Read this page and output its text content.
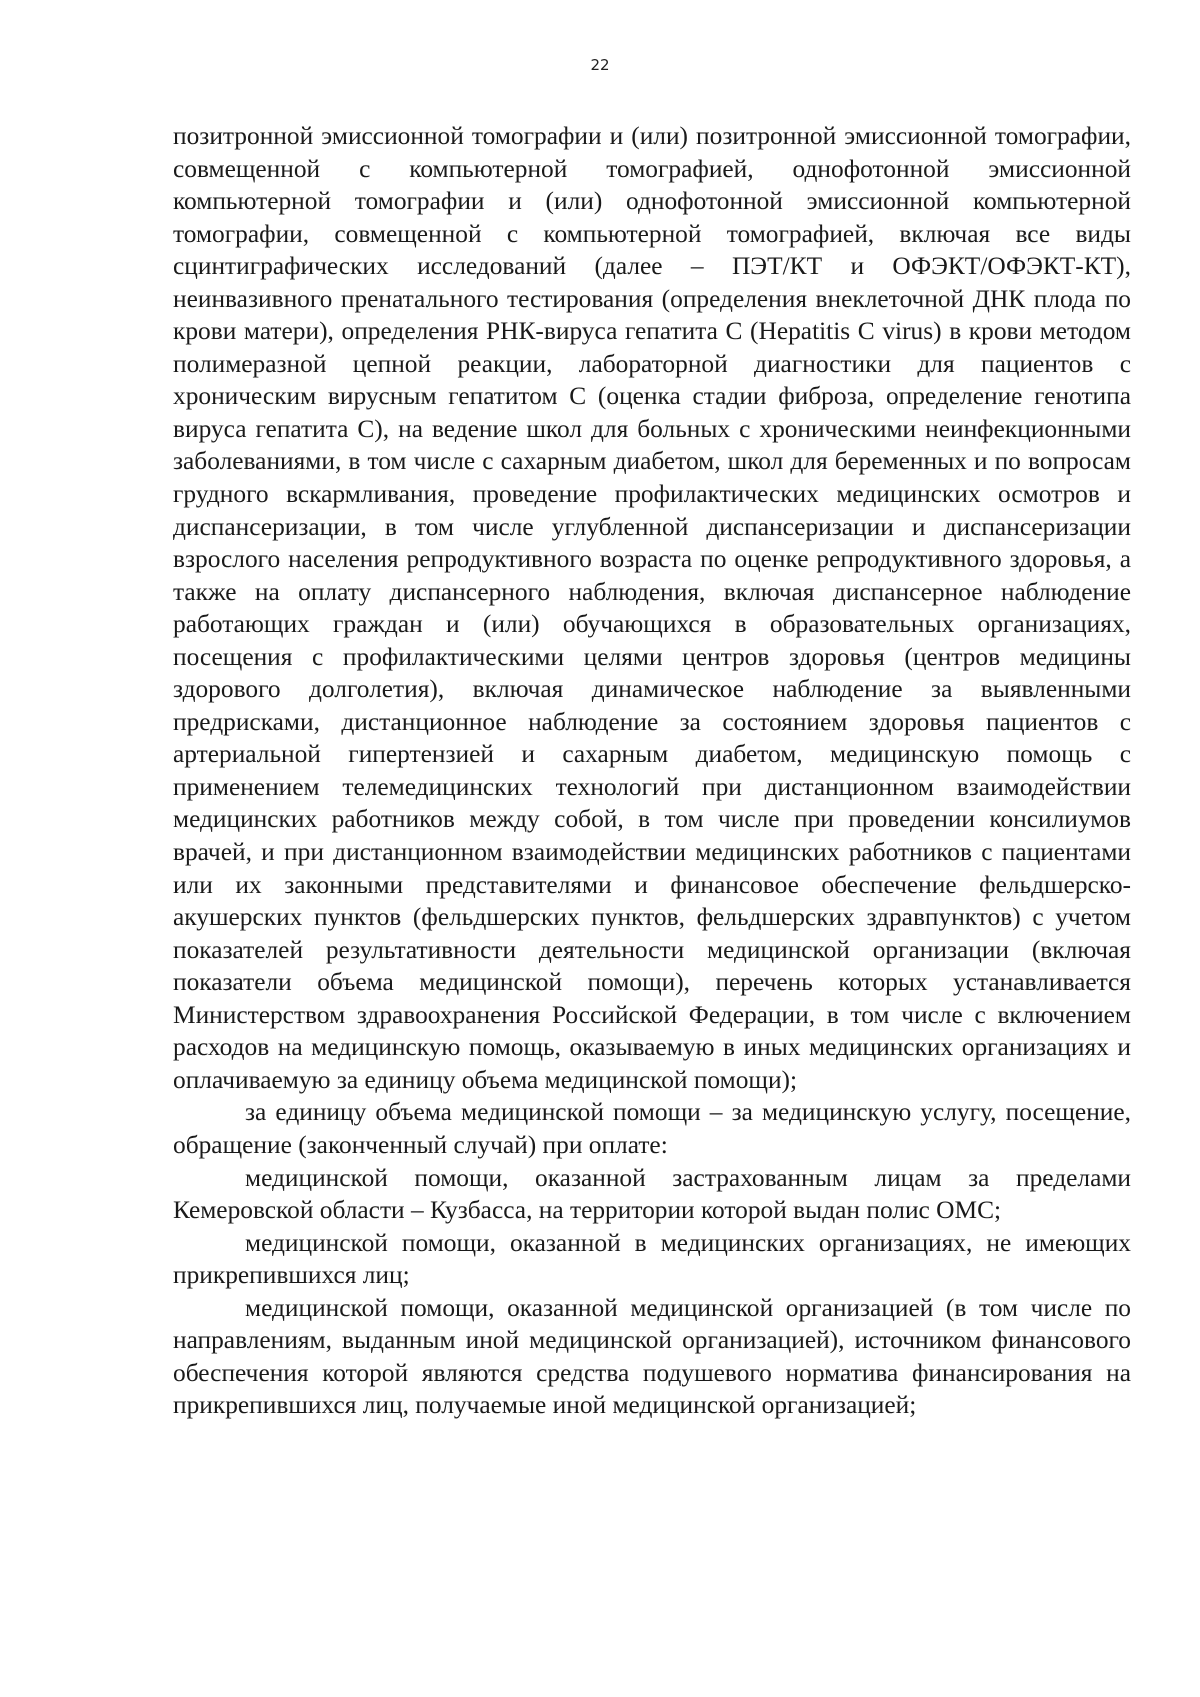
22

позитронной эмиссионной томографии и (или) позитронной эмиссионной томографии, совмещенной с компьютерной томографией, однофотонной эмиссионной компьютерной томографии и (или) однофотонной эмиссионной компьютерной томографии, совмещенной с компьютерной томографией, включая все виды сцинтиграфических исследований (далее – ПЭТ/КТ и ОФЭКТ/ОФЭКТ-КТ), неинвазивного пренатального тестирования (определения внеклеточной ДНК плода по крови матери), определения РНК-вируса гепатита С (Hepatitis C virus) в крови методом полимеразной цепной реакции, лабораторной диагностики для пациентов с хроническим вирусным гепатитом С (оценка стадии фиброза, определение генотипа вируса гепатита С), на ведение школ для больных с хроническими неинфекционными заболеваниями, в том числе с сахарным диабетом, школ для беременных и по вопросам грудного вскармливания, проведение профилактических медицинских осмотров и диспансеризации, в том числе углубленной диспансеризации и диспансеризации взрослого населения репродуктивного возраста по оценке репродуктивного здоровья, а также на оплату диспансерного наблюдения, включая диспансерное наблюдение работающих граждан и (или) обучающихся в образовательных организациях, посещения с профилактическими целями центров здоровья (центров медицины здорового долголетия), включая динамическое наблюдение за выявленными предрисками, дистанционное наблюдение за состоянием здоровья пациентов с артериальной гипертензией и сахарным диабетом, медицинскую помощь с применением телемедицинских технологий при дистанционном взаимодействии медицинских работников между собой, в том числе при проведении консилиумов врачей, и при дистанционном взаимодействии медицинских работников с пациентами или их законными представителями и финансовое обеспечение фельдшерско-акушерских пунктов (фельдшерских пунктов, фельдшерских здравпунктов) с учетом показателей результативности деятельности медицинской организации (включая показатели объема медицинской помощи), перечень которых устанавливается Министерством здравоохранения Российской Федерации, в том числе с включением расходов на медицинскую помощь, оказываемую в иных медицинских организациях и оплачиваемую за единицу объема медицинской помощи);

за единицу объема медицинской помощи – за медицинскую услугу, посещение, обращение (законченный случай) при оплате:

медицинской помощи, оказанной застрахованным лицам за пределами Кемеровской области – Кузбасса, на территории которой выдан полис ОМС;

медицинской помощи, оказанной в медицинских организациях, не имеющих прикрепившихся лиц;

медицинской помощи, оказанной медицинской организацией (в том числе по направлениям, выданным иной медицинской организацией), источником финансового обеспечения которой являются средства подушевого норматива финансирования на прикрепившихся лиц, получаемые иной медицинской организацией;
